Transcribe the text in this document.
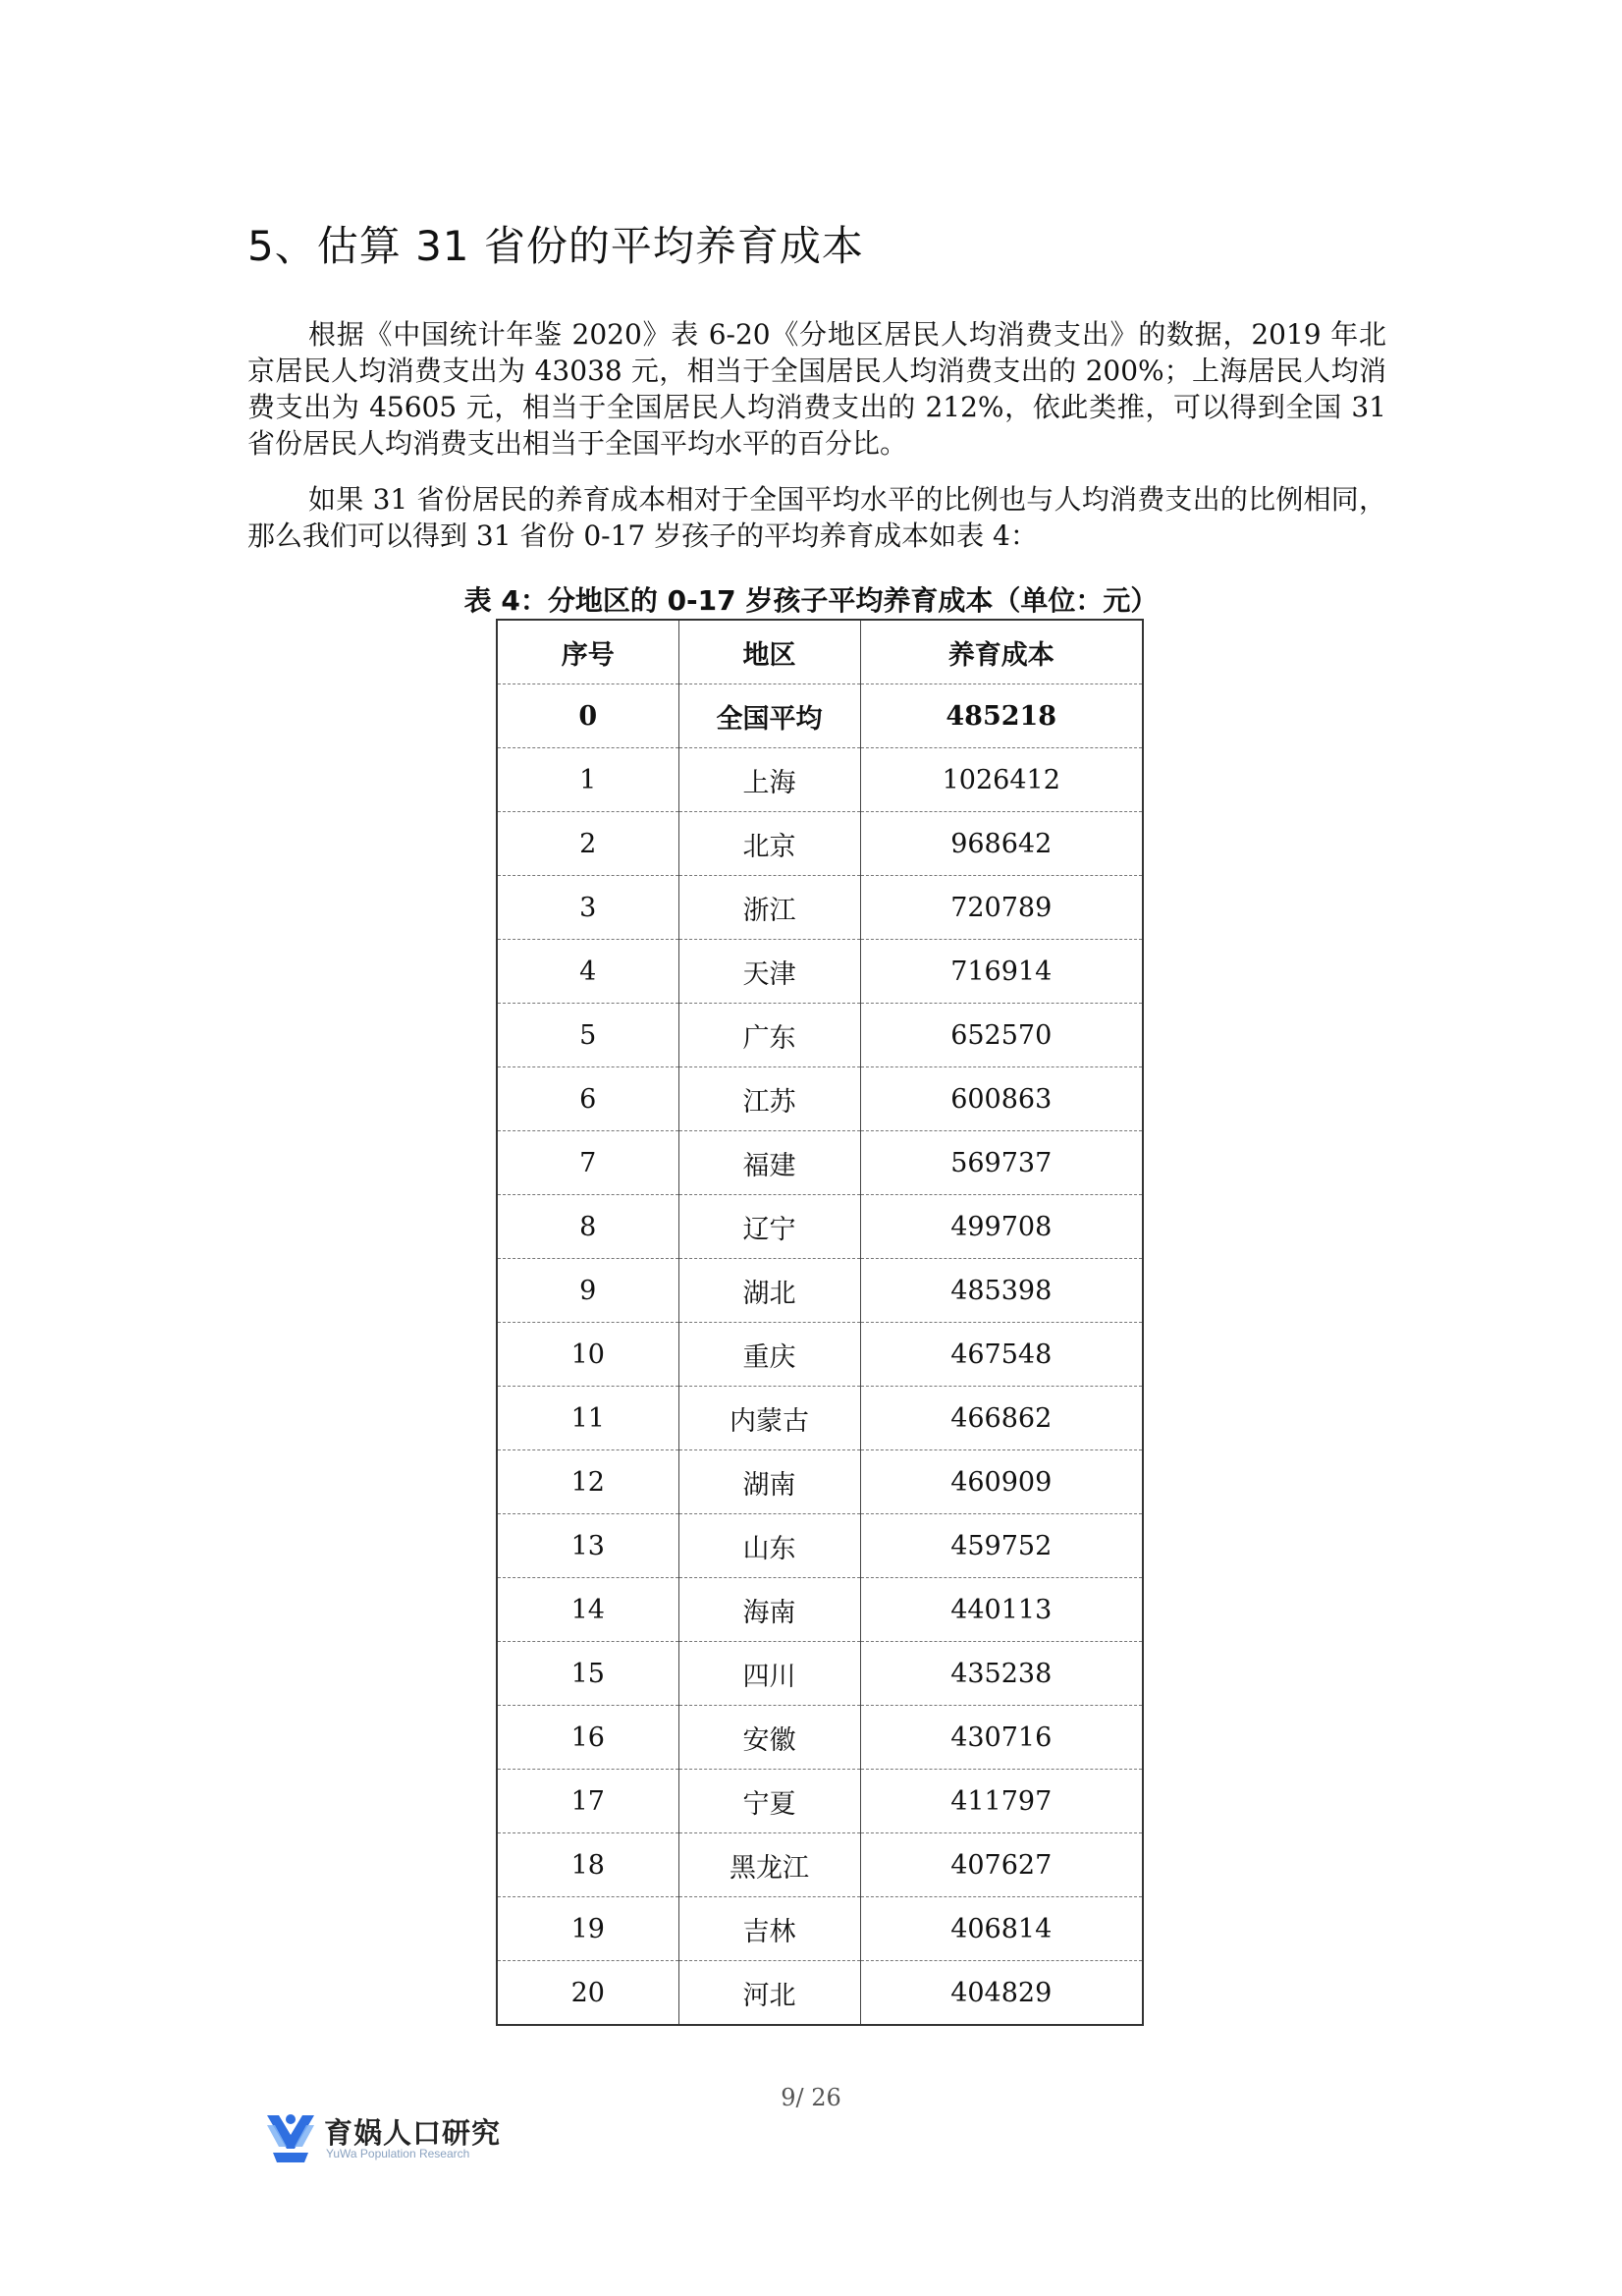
5、估算 31 省份的平均养育成本

根据《中国统计年鉴 2020》表 6-20《分地区居民人均消费支出》的数据，2019 年北京居民人均消费支出为 43038 元，相当于全国居民人均消费支出的 200%；上海居民人均消费支出为 45605 元，相当于全国居民人均消费支出的 212%，依此类推，可以得到全国 31 省份居民人均消费支出相当于全国平均水平的百分比。

如果 31 省份居民的养育成本相对于全国平均水平的比例也与人均消费支出的比例相同，那么我们可以得到 31 省份 0-17 岁孩子的平均养育成本如表 4：

表 4：分地区的 0-17 岁孩子平均养育成本（单位：元）
序号	地区	养育成本
0	全国平均	485218
1	上海	1026412
2	北京	968642
3	浙江	720789
4	天津	716914
5	广东	652570
6	江苏	600863
7	福建	569737
8	辽宁	499708
9	湖北	485398
10	重庆	467548
11	内蒙古	466862
12	湖南	460909
13	山东	459752
14	海南	440113
15	四川	435238
16	安徽	430716
17	宁夏	411797
18	黑龙江	407627
19	吉林	406814
20	河北	404829
9/ 26
育娲人口研究
YuWa Population Research
